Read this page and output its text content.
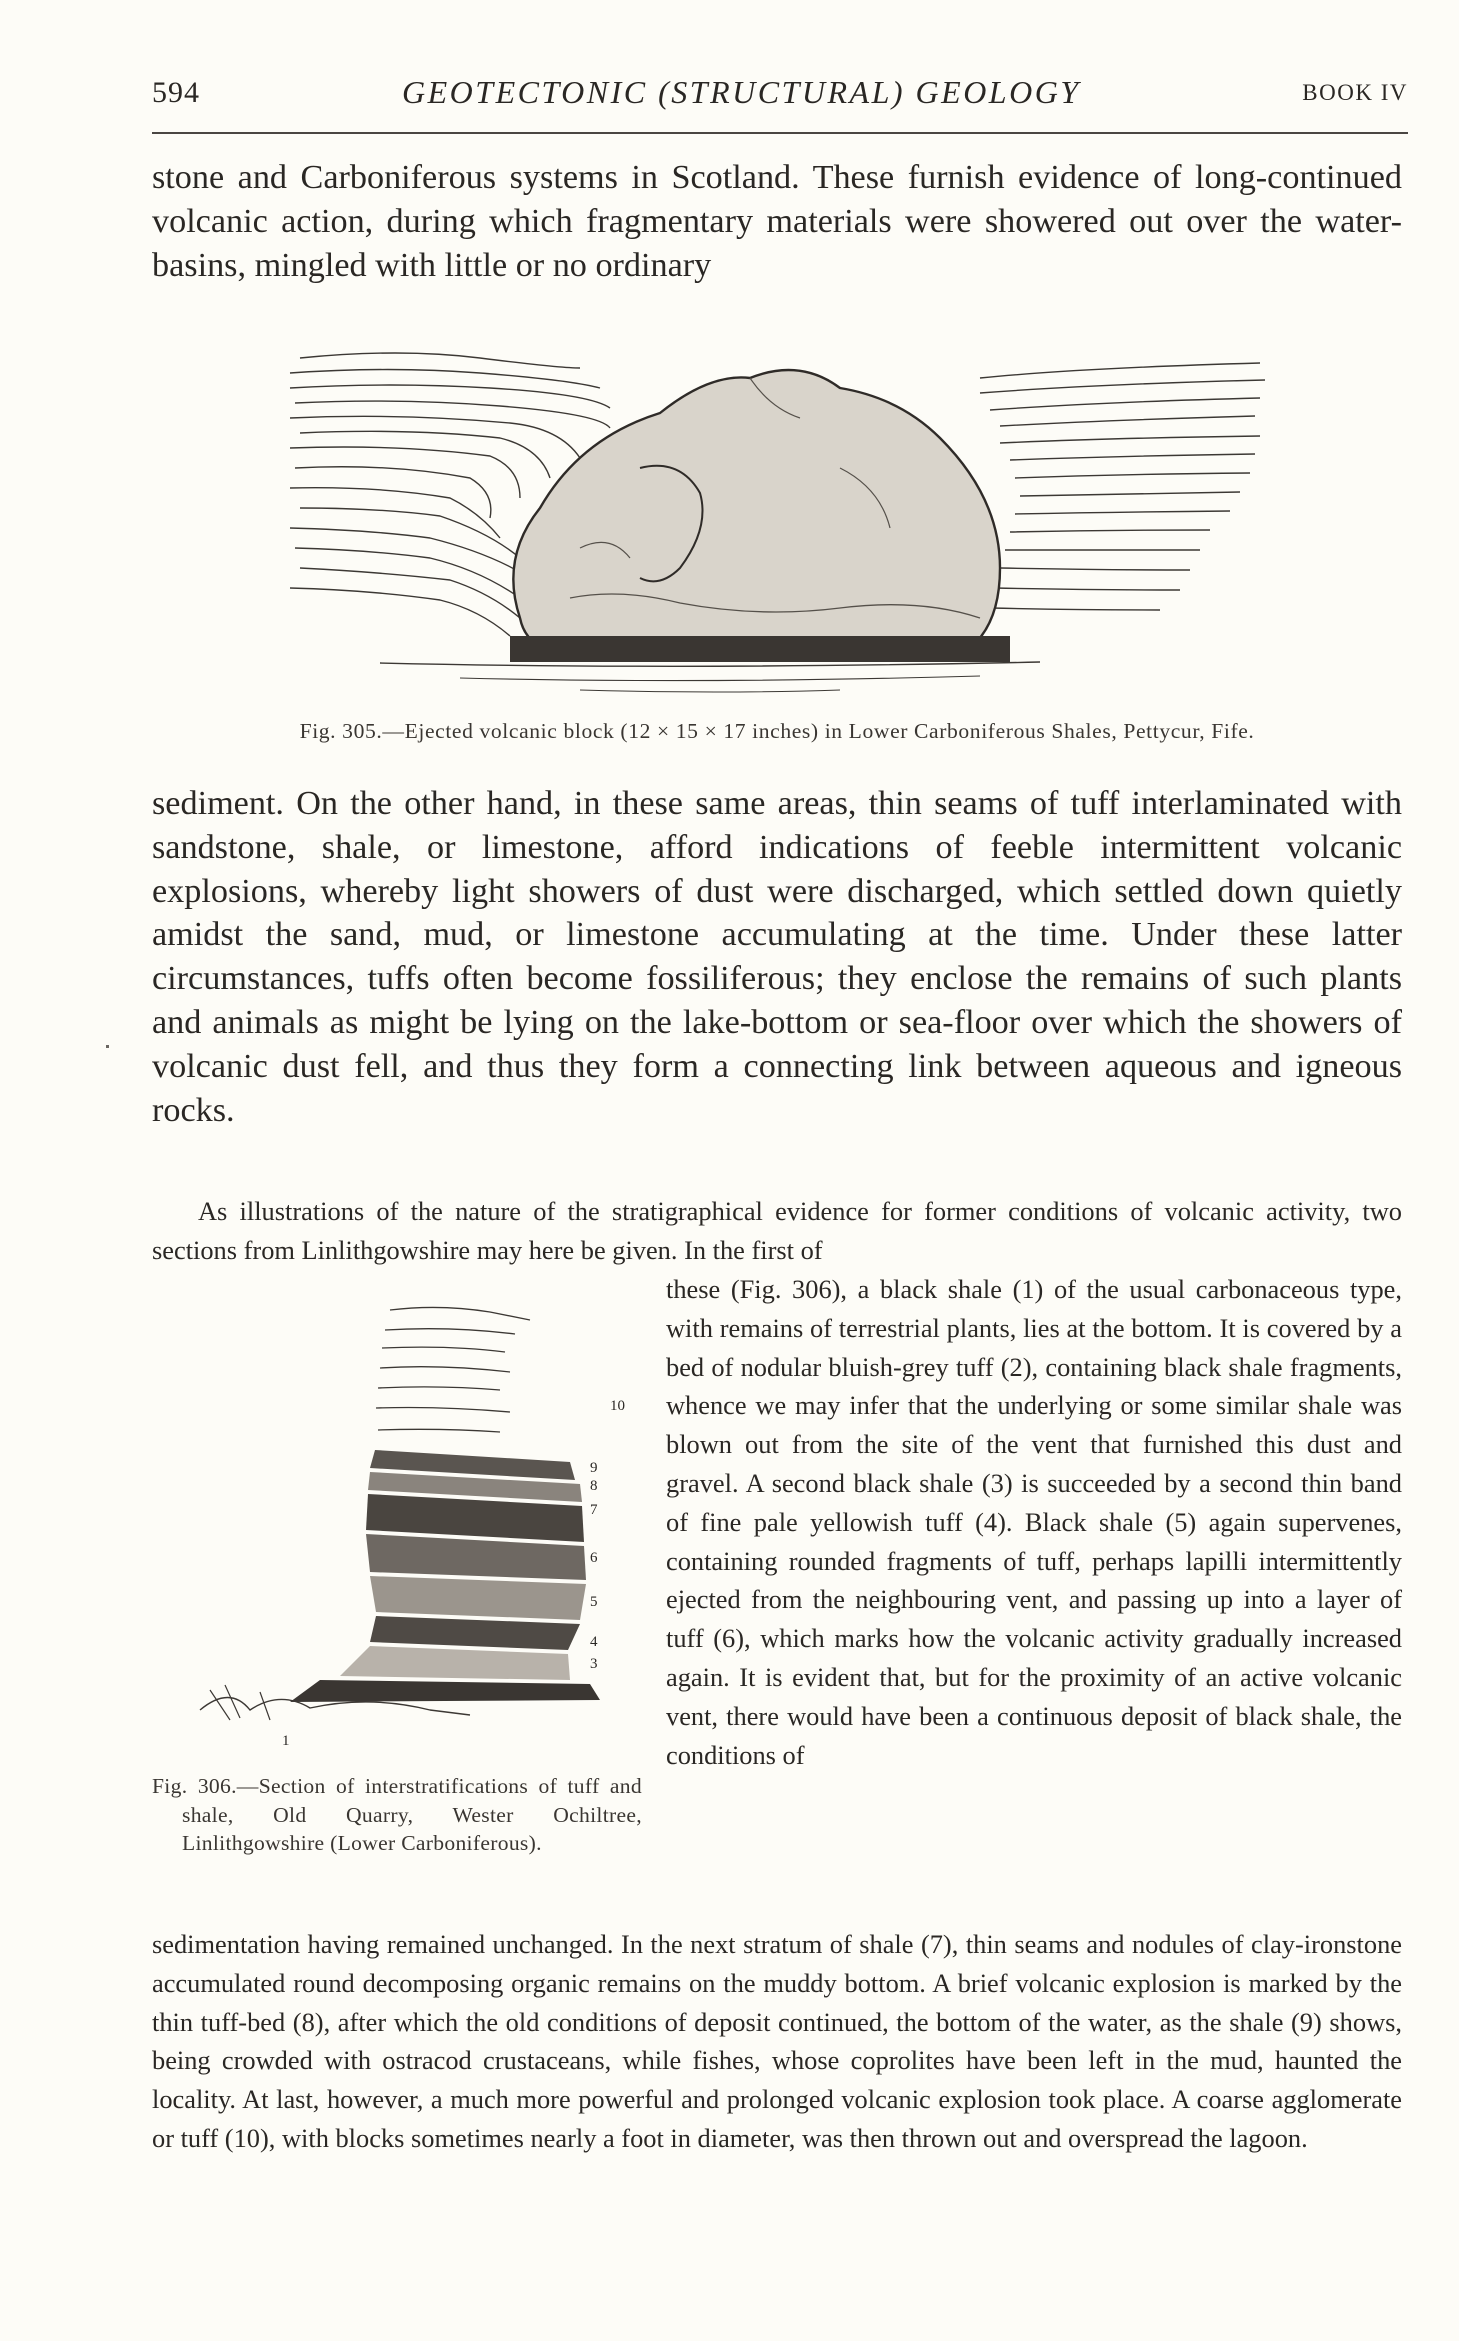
594	GEOTECTONIC (STRUCTURAL) GEOLOGY	BOOK IV

stone and Carboniferous systems in Scotland. These furnish evidence of long-continued volcanic action, during which fragmentary materials were showered out over the water-basins, mingled with little or no ordinary

Fig. 305.—Ejected volcanic block (12 × 15 × 17 inches) in Lower Carboniferous Shales, Pettycur, Fife.

sediment. On the other hand, in these same areas, thin seams of tuff interlaminated with sandstone, shale, or limestone, afford indications of feeble intermittent volcanic explosions, whereby light showers of dust were discharged, which settled down quietly amidst the sand, mud, or limestone accumulating at the time. Under these latter circumstances, tuffs often become fossiliferous; they enclose the remains of such plants and animals as might be lying on the lake-bottom or sea-floor over which the showers of volcanic dust fell, and thus they form a connecting link between aqueous and igneous rocks.

As illustrations of the nature of the stratigraphical evidence for former conditions of volcanic activity, two sections from Linlithgowshire may here be given. In the first of
10
9
8
7
6
5
4
3
1
Fig. 306.—Section of interstratifications of tuff and shale, Old Quarry, Wester Ochiltree, Linlithgowshire (Lower Carboniferous).
these (Fig. 306), a black shale (1) of the usual carbonaceous type, with remains of terrestrial plants, lies at the bottom. It is covered by a bed of nodular bluish-grey tuff (2), containing black shale fragments, whence we may infer that the underlying or some similar shale was blown out from the site of the vent that furnished this dust and gravel. A second black shale (3) is succeeded by a second thin band of fine pale yellowish tuff (4). Black shale (5) again supervenes, containing rounded fragments of tuff, perhaps lapilli intermittently ejected from the neighbouring vent, and passing up into a layer of tuff (6), which marks how the volcanic activity gradually increased again. It is evident that, but for the proximity of an active volcanic vent, there would have been a continuous deposit of black shale, the conditions of
sedimentation having remained unchanged. In the next stratum of shale (7), thin seams and nodules of clay-ironstone accumulated round decomposing organic remains on the muddy bottom. A brief volcanic explosion is marked by the thin tuff-bed (8), after which the old conditions of deposit continued, the bottom of the water, as the shale (9) shows, being crowded with ostracod crustaceans, while fishes, whose coprolites have been left in the mud, haunted the locality. At last, however, a much more powerful and prolonged volcanic explosion took place. A coarse agglomerate or tuff (10), with blocks sometimes nearly a foot in diameter, was then thrown out and overspread the lagoon.
